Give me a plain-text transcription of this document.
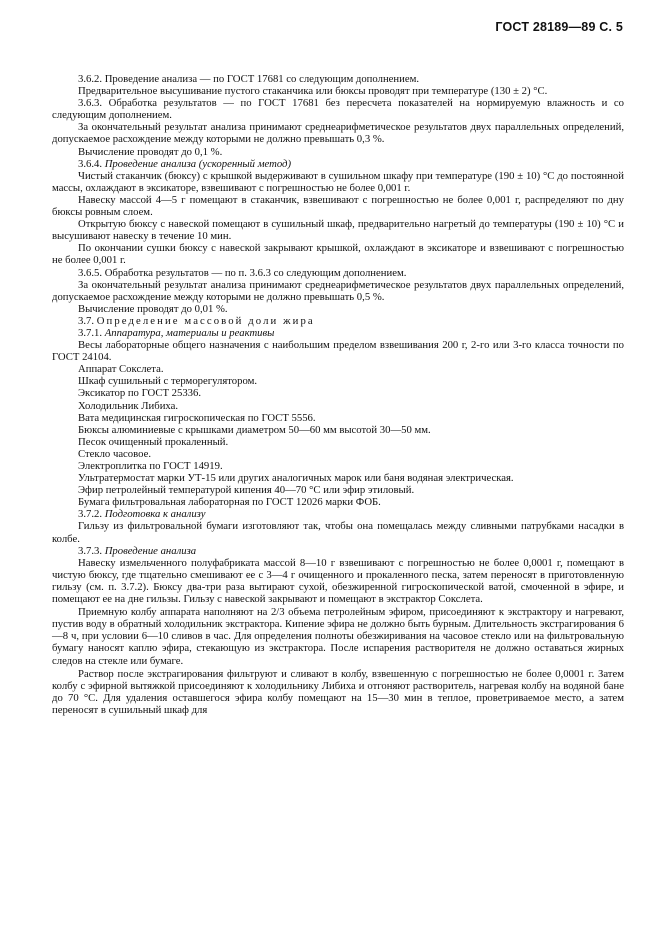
ГОСТ 28189—89 С. 5

3.6.2. Проведение анализа — по ГОСТ 17681 со следующим дополнением.

Предварительное высушивание пустого стаканчика или бюксы проводят при температуре (130 ± 2) °С.

3.6.3. Обработка результатов — по ГОСТ 17681 без пересчета показателей на нормируемую влажность и со следующим дополнением.

За окончательный результат анализа принимают среднеарифметическое результатов двух параллельных определений, допускаемое расхождение между которыми не должно превышать 0,3 %.

Вычисление проводят до 0,1 %.

3.6.4. Проведение анализа (ускоренный метод)

Чистый стаканчик (бюксу) с крышкой выдерживают в сушильном шкафу при температуре (190 ± 10) °С до постоянной массы, охлаждают в эксикаторе, взвешивают с погрешностью не более 0,001 г.

Навеску массой 4—5 г помещают в стаканчик, взвешивают с погрешностью не более 0,001 г, распределяют по дну бюксы ровным слоем.

Открытую бюксу с навеской помещают в сушильный шкаф, предварительно нагретый до температуры (190 ± 10) °С и высушивают навеску в течение 10 мин.

По окончании сушки бюксу с навеской закрывают крышкой, охлаждают в эксикаторе и взвешивают с погрешностью не более 0,001 г.

3.6.5. Обработка результатов — по п. 3.6.3 со следующим дополнением.

За окончательный результат анализа принимают среднеарифметическое результатов двух параллельных определений, допускаемое расхождение между которыми не должно превышать 0,5 %.

Вычисление проводят до 0,01 %.

3.7. Определение массовой доли жира

3.7.1. Аппаратура, материалы и реактивы

Весы лабораторные общего назначения с наибольшим пределом взвешивания 200 г, 2-го или 3-го класса точности по ГОСТ 24104.

Аппарат Сокслета.

Шкаф сушильный с терморегулятором.

Эксикатор по ГОСТ 25336.

Холодильник Либиха.

Вата медицинская гигроскопическая по ГОСТ 5556.

Бюксы алюминиевые с крышками диаметром 50—60 мм высотой 30—50 мм.

Песок очищенный прокаленный.

Стекло часовое.

Электроплитка по ГОСТ 14919.

Ультратермостат марки УТ-15 или других аналогичных марок или баня водяная электрическая.

Эфир петролейный температурой кипения 40—70 °С или эфир этиловый.

Бумага фильтровальная лабораторная по ГОСТ 12026 марки ФОБ.

3.7.2. Подготовка к анализу

Гильзу из фильтровальной бумаги изготовляют так, чтобы она помещалась между сливными патрубками насадки в колбе.

3.7.3. Проведение анализа

Навеску измельченного полуфабриката массой 8—10 г взвешивают с погрешностью не более 0,0001 г, помещают в чистую бюксу, где тщательно смешивают ее с 3—4 г очищенного и прокаленного песка, затем переносят в приготовленную гильзу (см. п. 3.7.2). Бюксу два-три раза вытирают сухой, обезжиренной гигроскопической ватой, смоченной в эфире, и помещают ее на дне гильзы. Гильзу с навеской закрывают и помещают в экстрактор Сокслета.

Приемную колбу аппарата наполняют на 2/3 объема петролейным эфиром, присоединяют к экстрактору и нагревают, пустив воду в обратный холодильник экстрактора. Кипение эфира не должно быть бурным. Длительность экстрагирования 6—8 ч, при условии 6—10 сливов в час. Для определения полноты обезжиривания на часовое стекло или на фильтровальную бумагу наносят каплю эфира, стекающую из экстрактора. После испарения растворителя не должно оставаться жирных следов на стекле или бумаге.

Раствор после экстрагирования фильтруют и сливают в колбу, взвешенную с погрешностью не более 0,0001 г. Затем колбу с эфирной вытяжкой присоединяют к холодильнику Либиха и отгоняют растворитель, нагревая колбу на водяной бане до 70 °С. Для удаления оставшегося эфира колбу помещают на 15—30 мин в теплое, проветриваемое место, а затем переносят в сушильный шкаф для
